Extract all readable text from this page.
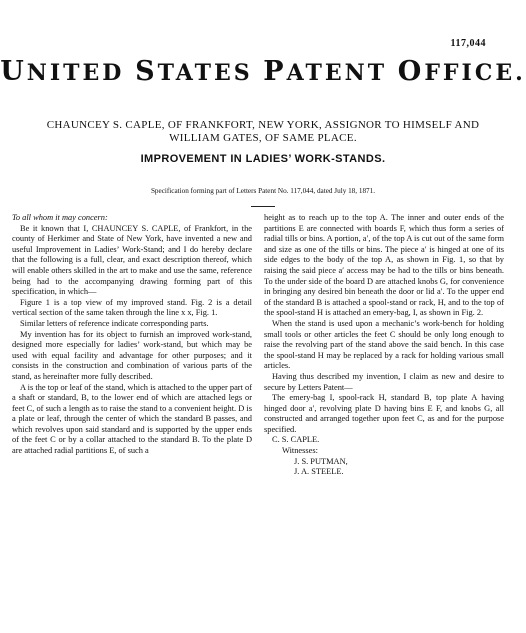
117,044
UNITED STATES PATENT OFFICE.
CHAUNCEY S. CAPLE, OF FRANKFORT, NEW YORK, ASSIGNOR TO HIMSELF AND
WILLIAM GATES, OF SAME PLACE.
IMPROVEMENT IN LADIES’ WORK-STANDS.
Specification forming part of Letters Patent No. 117,044, dated July 18, 1871.

To all whom it may concern:

Be it known that I, CHAUNCEY S. CAPLE, of Frankfort, in the county of Herkimer and State of New York, have invented a new and useful Improvement in Ladies’ Work-Stand; and I do hereby declare that the following is a full, clear, and exact description thereof, which will enable others skilled in the art to make and use the same, reference being had to the accompanying drawing forming part of this specification, in which—

Figure 1 is a top view of my improved stand. Fig. 2 is a detail vertical section of the same taken through the line x x, Fig. 1.

Similar letters of reference indicate corresponding parts.

My invention has for its object to furnish an improved work-stand, designed more especially for ladies’ work-stand, but which may be used with equal facility and advantage for other purposes; and it consists in the construction and combination of various parts of the stand, as hereinafter more fully described.

A is the top or leaf of the stand, which is attached to the upper part of a shaft or standard, B, to the lower end of which are attached legs or feet C, of such a length as to raise the stand to a convenient height. D is a plate or leaf, through the center of which the standard B passes, and which revolves upon said standard and is supported by the upper ends of the feet C or by a collar attached to the standard B. To the plate D are attached radial partitions E, of such a

height as to reach up to the top A. The inner and outer ends of the partitions E are connected with boards F, which thus form a series of radial tills or bins. A portion, a′, of the top A is cut out of the same form and size as one of the tills or bins. The piece a′ is hinged at one of its side edges to the body of the top A, as shown in Fig. 1, so that by raising the said piece a′ access may be had to the tills or bins beneath. To the under side of the board D are attached knobs G, for convenience in bringing any desired bin beneath the door or lid a′. To the upper end of the standard B is attached a spool-stand or rack, H, and to the top of the spool-stand H is attached an emery-bag, I, as shown in Fig. 2.

When the stand is used upon a mechanic’s work-bench for holding small tools or other articles the feet C should be only long enough to raise the revolving part of the stand above the said bench. In this case the spool-stand H may be replaced by a rack for holding various small articles.

Having thus described my invention, I claim as new and desire to secure by Letters Patent—

The emery-bag I, spool-rack H, standard B, top plate A having hinged door a′, revolving plate D having bins E F, and knobs G, all constructed and arranged together upon feet C, as and for the purpose specified.

C. S. CAPLE.

Witnesses:

J. S. PUTMAN,

J. A. STEELE.
